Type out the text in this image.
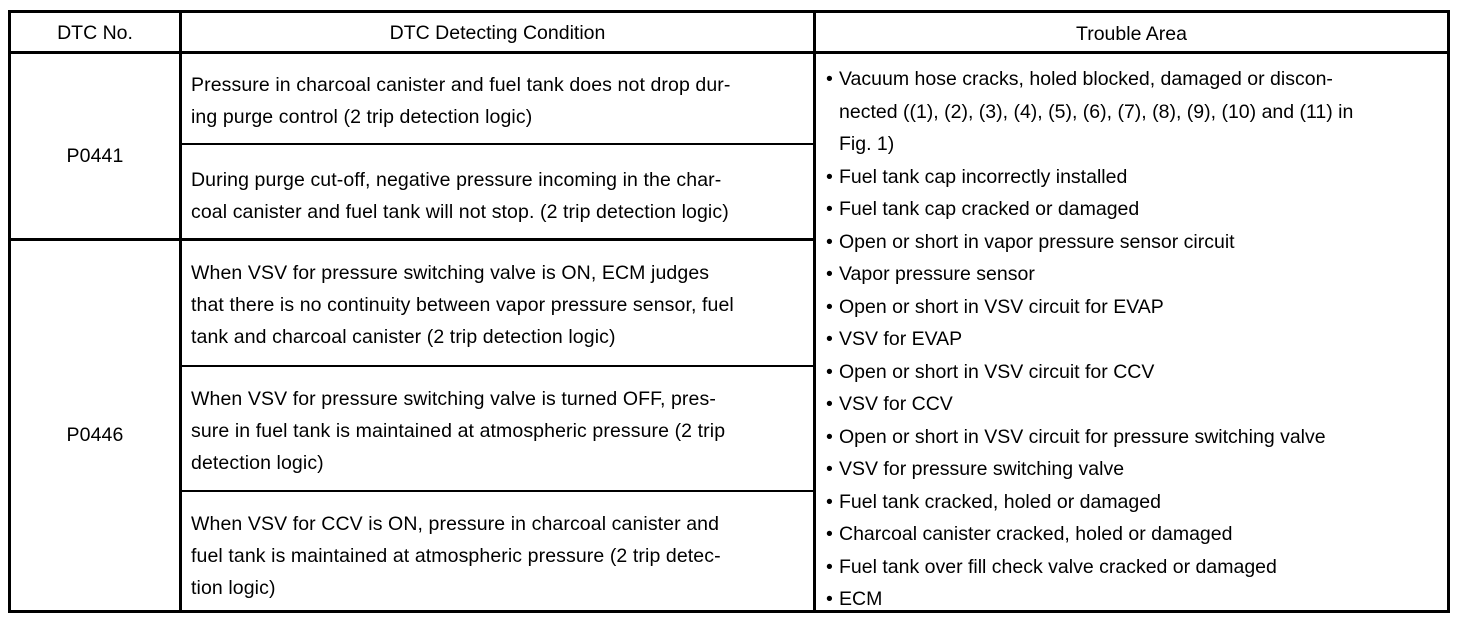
DTC No.	DTC Detecting Condition	Trouble Area
P0441
P0446
Pressure in charcoal canister and fuel tank does not drop dur-
ing purge control (2 trip detection logic)
During purge cut-off, negative pressure incoming in the char-
coal canister and fuel tank will not stop. (2 trip detection logic)
When VSV for pressure switching valve is ON, ECM judges
that there is no continuity between vapor pressure sensor, fuel
tank and charcoal canister (2 trip detection logic)
When VSV for pressure switching valve is turned OFF, pres-
sure in fuel tank is maintained at atmospheric pressure (2 trip
detection logic)
When VSV for CCV is ON, pressure in charcoal canister and
fuel tank is maintained at atmospheric pressure (2 trip detec-
tion logic)
• Vacuum hose cracks, holed blocked, damaged or discon-
nected ((1), (2), (3), (4), (5), (6), (7), (8), (9), (10) and (11) in
Fig. 1)
• Fuel tank cap incorrectly installed
• Fuel tank cap cracked or damaged
• Open or short in vapor pressure sensor circuit
• Vapor pressure sensor
• Open or short in VSV circuit for EVAP
• VSV for EVAP
• Open or short in VSV circuit for CCV
• VSV for CCV
• Open or short in VSV circuit for pressure switching valve
• VSV for pressure switching valve
• Fuel tank cracked, holed or damaged
• Charcoal canister cracked, holed or damaged
• Fuel tank over fill check valve cracked or damaged
• ECM
